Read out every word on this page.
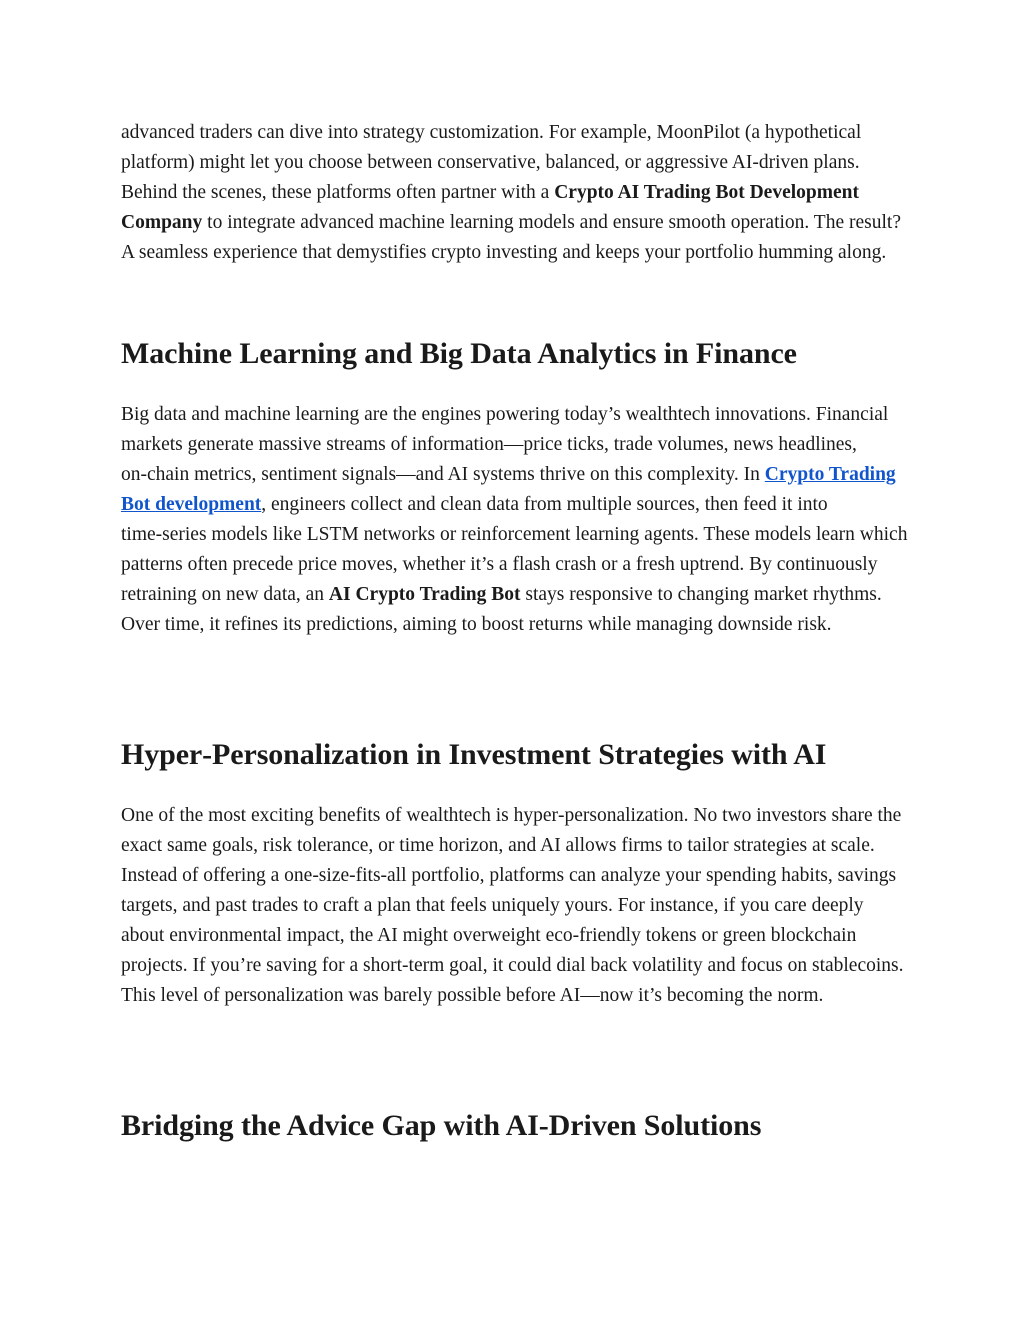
advanced traders can dive into strategy customization. For example, MoonPilot (a hypothetical platform) might let you choose between conservative, balanced, or aggressive AI‑driven plans. Behind the scenes, these platforms often partner with a Crypto AI Trading Bot Development Company to integrate advanced machine learning models and ensure smooth operation. The result? A seamless experience that demystifies crypto investing and keeps your portfolio humming along.

Machine Learning and Big Data Analytics in Finance

Big data and machine learning are the engines powering today’s wealthtech innovations. Financial markets generate massive streams of information—price ticks, trade volumes, news headlines, on‑chain metrics, sentiment signals—and AI systems thrive on this complexity. In Crypto Trading Bot development, engineers collect and clean data from multiple sources, then feed it into time‑series models like LSTM networks or reinforcement learning agents. These models learn which patterns often precede price moves, whether it’s a flash crash or a fresh uptrend. By continuously retraining on new data, an AI Crypto Trading Bot stays responsive to changing market rhythms. Over time, it refines its predictions, aiming to boost returns while managing downside risk.

Hyper‑Personalization in Investment Strategies with AI

One of the most exciting benefits of wealthtech is hyper‑personalization. No two investors share the exact same goals, risk tolerance, or time horizon, and AI allows firms to tailor strategies at scale. Instead of offering a one‑size‑fits‑all portfolio, platforms can analyze your spending habits, savings targets, and past trades to craft a plan that feels uniquely yours. For instance, if you care deeply about environmental impact, the AI might overweight eco‑friendly tokens or green blockchain projects. If you’re saving for a short‑term goal, it could dial back volatility and focus on stablecoins. This level of personalization was barely possible before AI—now it’s becoming the norm.

Bridging the Advice Gap with AI‑Driven Solutions
